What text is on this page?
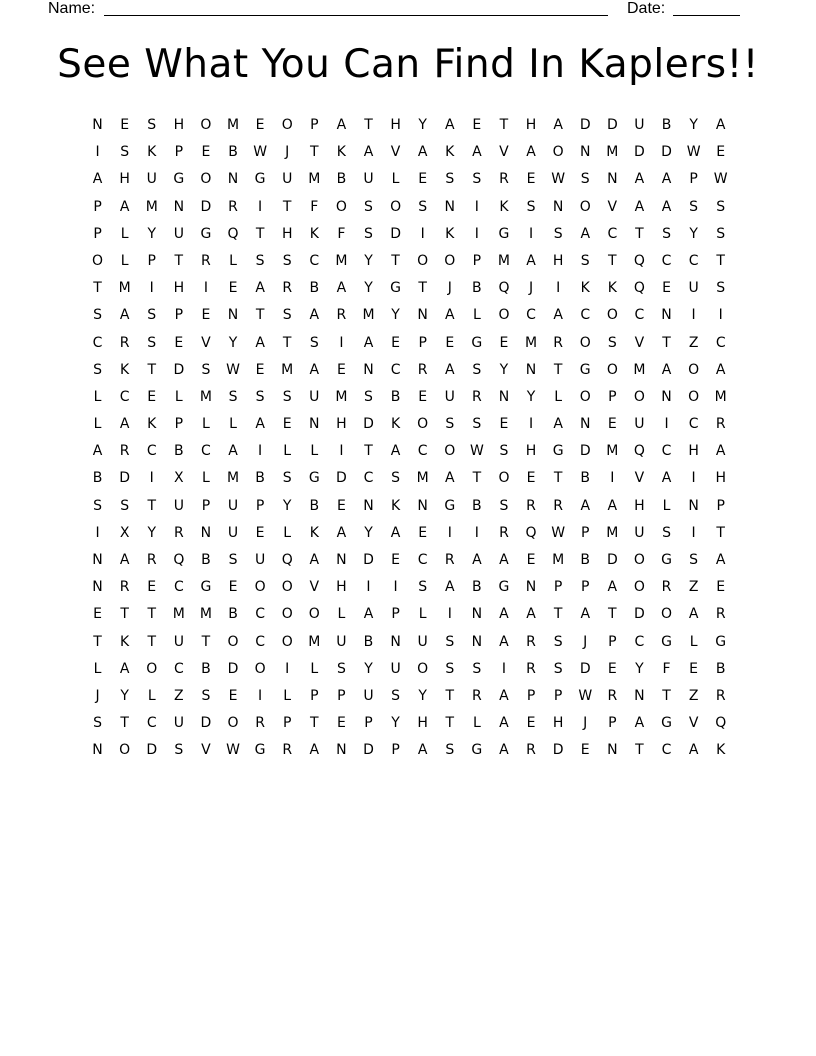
Name:	Date:
See What You Can Find In Kaplers!!
N	E	S	H	O	M	E	O	P	A	T	H	Y	A	E	T	H	A	D	D	U	B	Y	A
I	S	K	P	E	B	W	J	T	K	A	V	A	K	A	V	A	O	N	M	D	D	W	E
A	H	U	G	O	N	G	U	M	B	U	L	E	S	S	R	E	W	S	N	A	A	P	W
P	A	M	N	D	R	I	T	F	O	S	O	S	N	I	K	S	N	O	V	A	A	S	S
P	L	Y	U	G	Q	T	H	K	F	S	D	I	K	I	G	I	S	A	C	T	S	Y	S
O	L	P	T	R	L	S	S	C	M	Y	T	O	O	P	M	A	H	S	T	Q	C	C	T
T	M	I	H	I	E	A	R	B	A	Y	G	T	J	B	Q	J	I	K	K	Q	E	U	S
S	A	S	P	E	N	T	S	A	R	M	Y	N	A	L	O	C	A	C	O	C	N	I	I
C	R	S	E	V	Y	A	T	S	I	A	E	P	E	G	E	M	R	O	S	V	T	Z	C
S	K	T	D	S	W	E	M	A	E	N	C	R	A	S	Y	N	T	G	O	M	A	O	A
L	C	E	L	M	S	S	S	U	M	S	B	E	U	R	N	Y	L	O	P	O	N	O	M
L	A	K	P	L	L	A	E	N	H	D	K	O	S	S	E	I	A	N	E	U	I	C	R
A	R	C	B	C	A	I	L	L	I	T	A	C	O	W	S	H	G	D	M	Q	C	H	A
B	D	I	X	L	M	B	S	G	D	C	S	M	A	T	O	E	T	B	I	V	A	I	H
S	S	T	U	P	U	P	Y	B	E	N	K	N	G	B	S	R	R	A	A	H	L	N	P
I	X	Y	R	N	U	E	L	K	A	Y	A	E	I	I	R	Q	W	P	M	U	S	I	T
N	A	R	Q	B	S	U	Q	A	N	D	E	C	R	A	A	E	M	B	D	O	G	S	A
N	R	E	C	G	E	O	O	V	H	I	I	S	A	B	G	N	P	P	A	O	R	Z	E
E	T	T	M	M	B	C	O	O	L	A	P	L	I	N	A	A	T	A	T	D	O	A	R
T	K	T	U	T	O	C	O	M	U	B	N	U	S	N	A	R	S	J	P	C	G	L	G
L	A	O	C	B	D	O	I	L	S	Y	U	O	S	S	I	R	S	D	E	Y	F	E	B
J	Y	L	Z	S	E	I	L	P	P	U	S	Y	T	R	A	P	P	W	R	N	T	Z	R
S	T	C	U	D	O	R	P	T	E	P	Y	H	T	L	A	E	H	J	P	A	G	V	Q
N	O	D	S	V	W	G	R	A	N	D	P	A	S	G	A	R	D	E	N	T	C	A	K
